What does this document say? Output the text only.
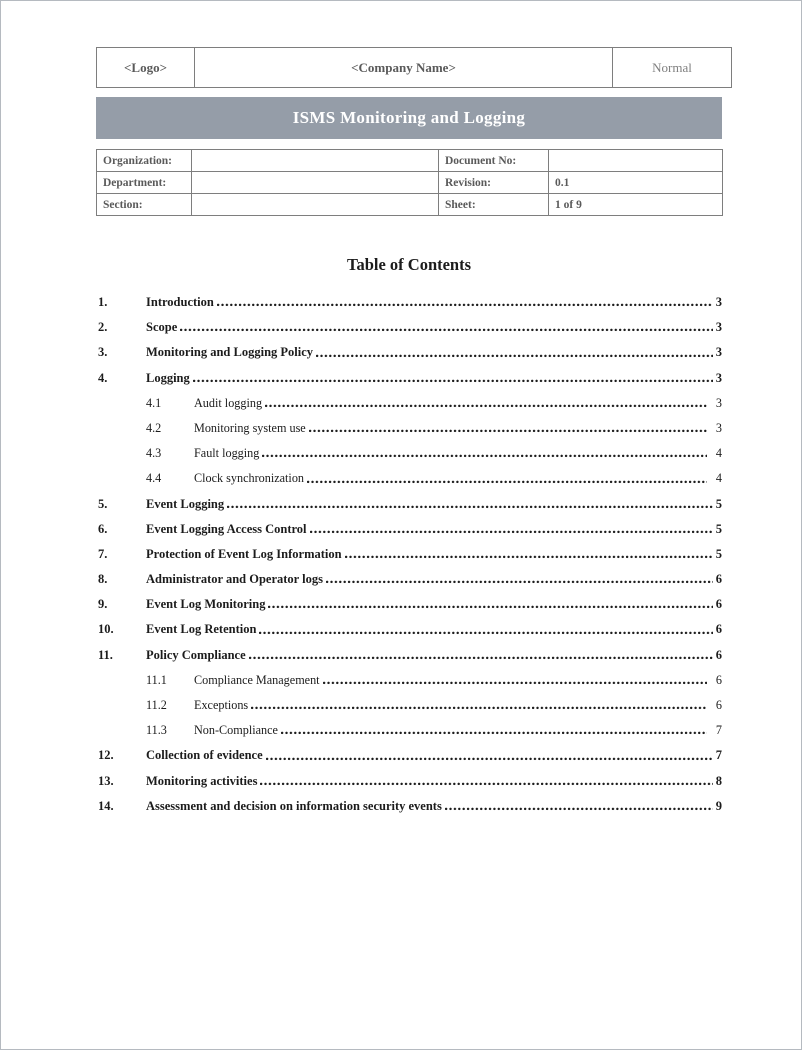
<Logo>	<Company Name>	Normal
ISMS Monitoring and Logging
Organization:		Document No:	
Department:		Revision:	0.1
Section:		Sheet:	1 of 9
Table of Contents
1.	Introduction	3
2.	Scope	3
3.	Monitoring and Logging Policy	3
4.	Logging	3
4.1	Audit logging	3
4.2	Monitoring system use	3
4.3	Fault logging	4
4.4	Clock synchronization	4
5.	Event Logging	5
6.	Event Logging Access Control	5
7.	Protection of Event Log Information	5
8.	Administrator and Operator logs	6
9.	Event Log Monitoring	6
10.	Event Log Retention	6
11.	Policy Compliance	6
11.1	Compliance Management	6
11.2	Exceptions	6
11.3	Non-Compliance	7
12.	Collection of evidence	7
13.	Monitoring activities	8
14.	Assessment and decision on information security events	9
